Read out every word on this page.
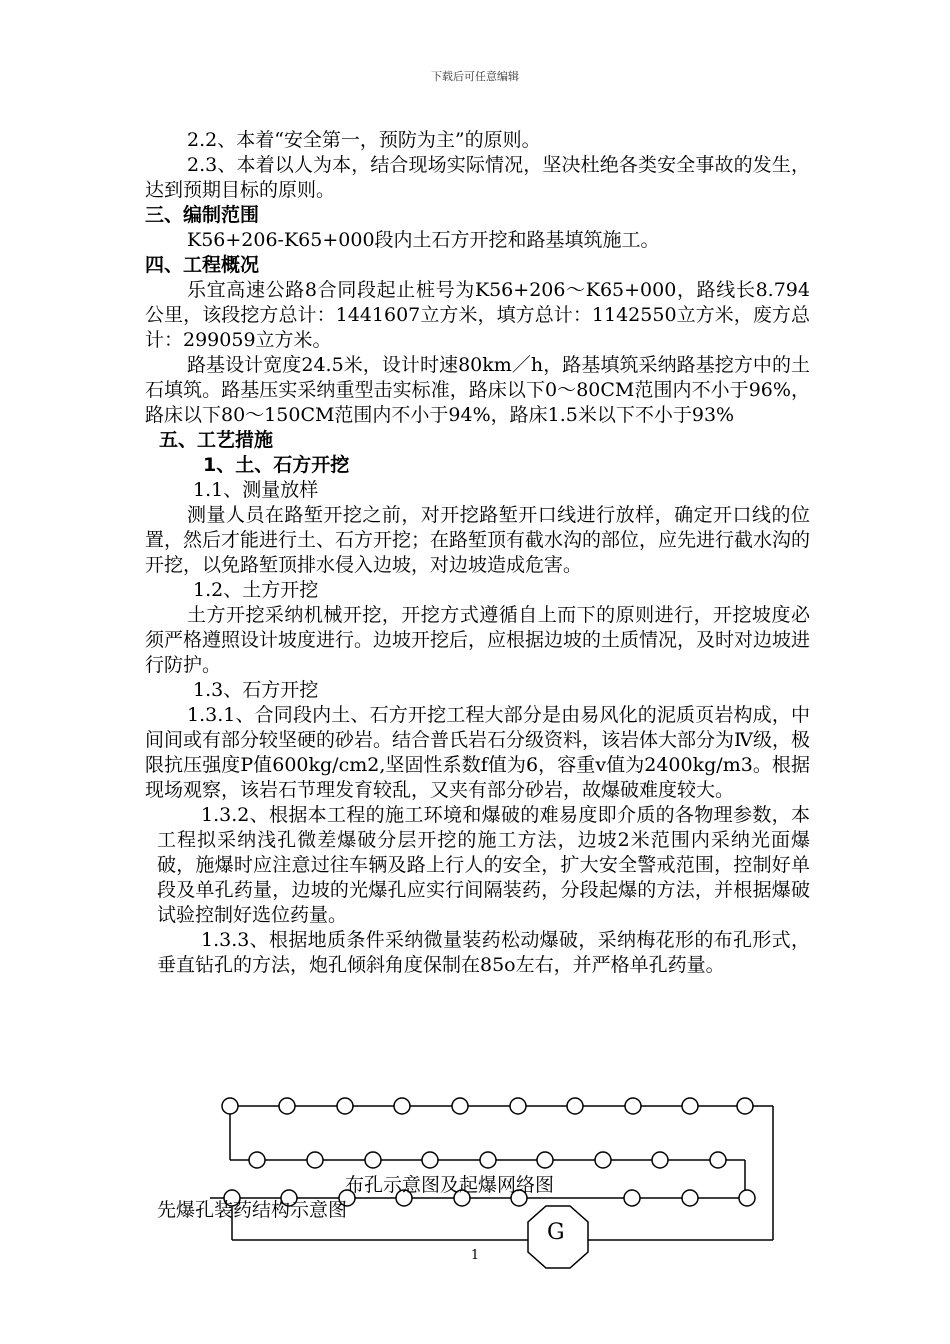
下载后可任意编辑

2.2、本着“安全第一，预防为主”的原则。

2.3、本着以人为本，结合现场实际情况，坚决杜绝各类安全事故的发生，达到预期目标的原则。

三、编制范围

K56+206-K65+000段内土石方开挖和路基填筑施工。

四、工程概况

乐宜高速公路8合同段起止桩号为K56+206～K65+000，路线长8.794公里，该段挖方总计：1441607立方米，填方总计：1142550立方米，废方总计：299059立方米。

路基设计宽度24.5米，设计时速80km／h，路基填筑采纳路基挖方中的土石填筑。路基压实采纳重型击实标准，路床以下0～80CM范围内不小于96%，路床以下80～150CM范围内不小于94%，路床1.5米以下不小于93%

五、工艺措施

1、土、石方开挖

1.1、测量放样

测量人员在路堑开挖之前，对开挖路堑开口线进行放样，确定开口线的位置，然后才能进行土、石方开挖；在路堑顶有截水沟的部位，应先进行截水沟的开挖，以免路堑顶排水侵入边坡，对边坡造成危害。

1.2、土方开挖

土方开挖采纳机械开挖，开挖方式遵循自上而下的原则进行，开挖坡度必须严格遵照设计坡度进行。边坡开挖后，应根据边坡的土质情况，及时对边坡进行防护。

1.3、石方开挖

1.3.1、合同段内土、石方开挖工程大部分是由易风化的泥质页岩构成，中间间或有部分较坚硬的砂岩。结合普氏岩石分级资料，该岩体大部分为Ⅳ级，极限抗压强度P值600kg/cm2,坚固性系数f值为6，容重v值为2400kg/m3。根据现场观察，该岩石节理发育较乱，又夹有部分砂岩，故爆破难度较大。

1.3.2、根据本工程的施工环境和爆破的难易度即介质的各物理参数，本工程拟采纳浅孔微差爆破分层开挖的施工方法，边坡2米范围内采纳光面爆破，施爆时应注意过往车辆及路上行人的安全，扩大安全警戒范围，控制好单段及单孔药量，边坡的光爆孔应实行间隔装药，分段起爆的方法，并根据爆破试验控制好选位药量。

1.3.3、根据地质条件采纳微量装药松动爆破，采纳梅花形的布孔形式，垂直钻孔的方法，炮孔倾斜角度保制在85o左右，并严格单孔药量。

布孔示意图及起爆网络图
先爆孔装药结构示意图
G
1
